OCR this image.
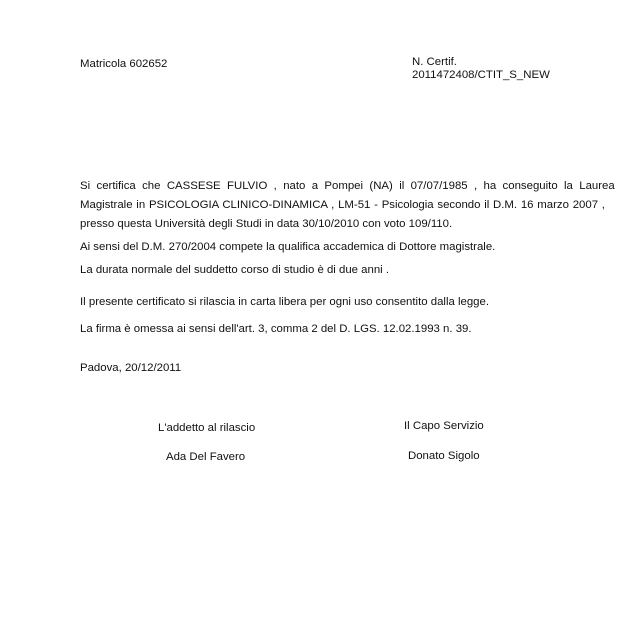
Matricola 602652	N. Certif.
2011472408/CTIT_S_NEW
Si certifica che CASSESE FULVIO , nato a Pompei (NA) il 07/07/1985 , ha conseguito la Laurea
Magistrale in PSICOLOGIA CLINICO-DINAMICA , LM-51 - Psicologia secondo il D.M. 16 marzo 2007 ,
presso questa Università degli Studi in data 30/10/2010 con voto 109/110.
Ai sensi del D.M. 270/2004 compete la qualifica accademica di Dottore magistrale.
La durata normale del suddetto corso di studio è di due anni .
Il presente certificato si rilascia in carta libera per ogni uso consentito dalla legge.
La firma è omessa ai sensi dell'art. 3, comma 2 del D. LGS. 12.02.1993 n. 39.
Padova, 20/12/2011
L'addetto al rilascio	Il Capo Servizio
Ada Del Favero	Donato Sigolo
